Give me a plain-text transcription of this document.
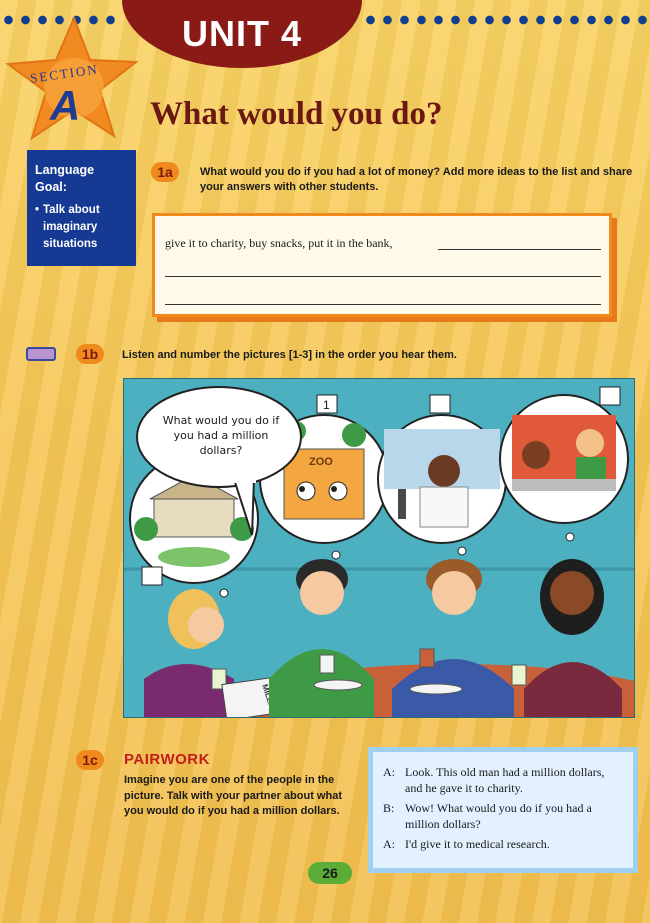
UNIT 4
SECTION
A What would you do?
Language Goal:
• Talk about imaginary situations
1a	What would you do if you had a lot of money? Add more ideas to the list and share your answers with other students.
give it to charity, buy snacks, put it in the bank,
1b	Listen and number the pictures [1-3] in the order you hear them.
ZOO
1
What would you do if you had a million dollars?
1c	PAIRWORK
Imagine you are one of the people in the picture. Talk with your partner about what you would do if you had a million dollars.
A: Look. This old man had a million dollars, and he gave it to charity.
B: Wow! What would you do if you had a million dollars?
A: I'd give it to medical research.
26
